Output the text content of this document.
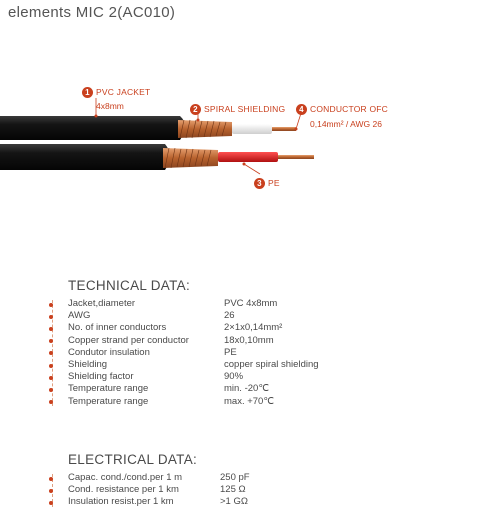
elements MIC 2(AC010)
1 PVC JACKET
4x8mm	2 SPIRAL SHIELDING	4 CONDUCTOR OFC
0,14mm² / AWG 26
3 PE
TECHNICAL DATA:
Jacket,diameter	PVC 4x8mm
AWG	26
No. of inner conductors	2×1x0,14mm²
Copper strand per conductor	18x0,10mm
Condutor insulation	PE
Shielding	copper spiral shielding
Shielding factor	90%
Temperature range	min. -20℃
Temperature range	max. +70℃
ELECTRICAL DATA:
Capac. cond./cond.per 1 m	250 pF
Cond. resistance per 1 km	125 Ω
Insulation resist.per 1 km	>1 GΩ
